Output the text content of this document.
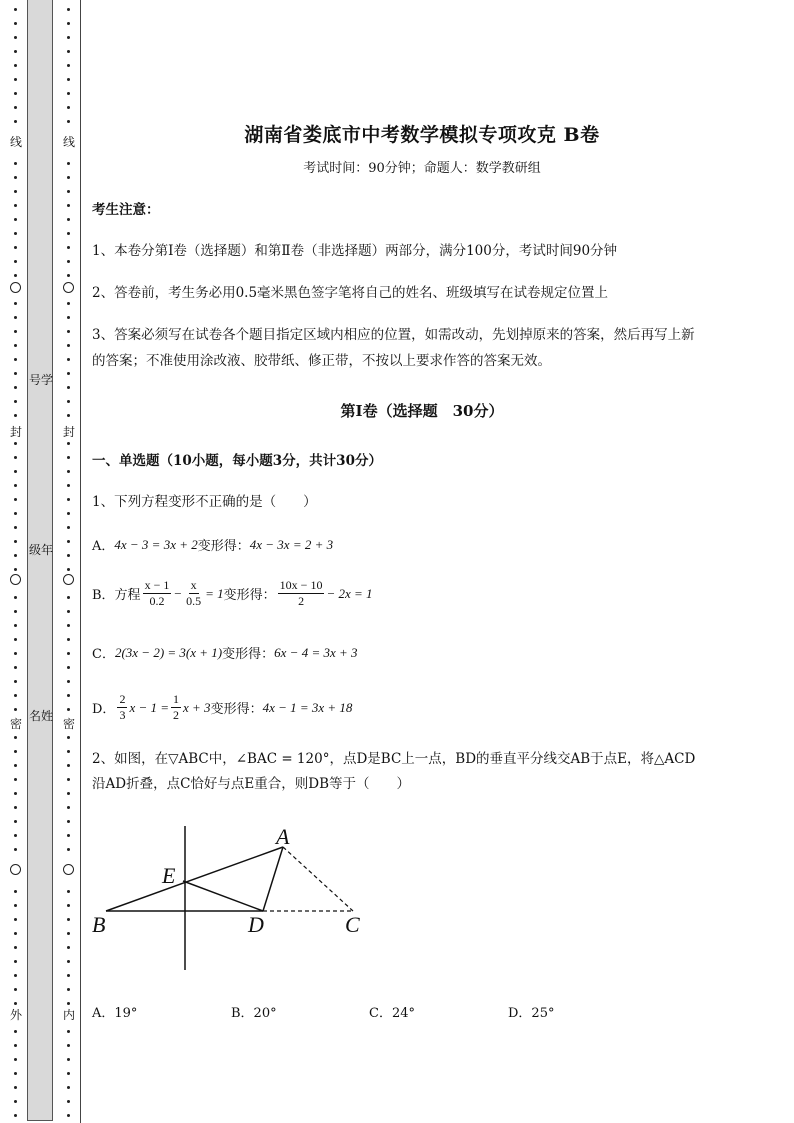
线
封
密
外
号学
级年
名姓
线
封
密
内
湖南省娄底市中考数学模拟专项攻克 B卷
考试时间：90分钟；命题人：数学教研组
考生注意：
1、本卷分第I卷（选择题）和第Ⅱ卷（非选择题）两部分，满分100分，考试时间90分钟
2、答卷前，考生务必用0.5毫米黑色签字笔将自己的姓名、班级填写在试卷规定位置上
3、答案必须写在试卷各个题目指定区域内相应的位置，如需改动，先划掉原来的答案，然后再写上新
的答案；不准使用涂改液、胶带纸、修正带，不按以上要求作答的答案无效。
第I卷（选择题　30分）
一、单选题（10小题，每小题3分，共计30分）
1、下列方程变形不正确的是（　　）
A． 4x − 3 = 3x + 2 变形得： 4x − 3x = 2 + 3
B．方程 $\frac{x - 1}{0.2} - \frac{x}{0.5} = 1$ 变形得： $\frac{10x - 10}{2} - 2x = 1$
C． 2(3x − 2) = 3(x + 1) 变形得： 6x − 4 = 3x + 3
D． $\frac{2}{3}$ $x - 1 = \frac{1}{2}$ x + 3 变形得： 4x − 1 = 3x + 18
2、如图，在▽ABC中，∠BAC = 120°，点D是BC上一点，BD的垂直平分线交AB于点E，将△ACD
沿AD折叠，点C恰好与点E重合，则DB等于（　　）
A
E
B	D	C
A．19°	B．20°	C．24°	D．25°
